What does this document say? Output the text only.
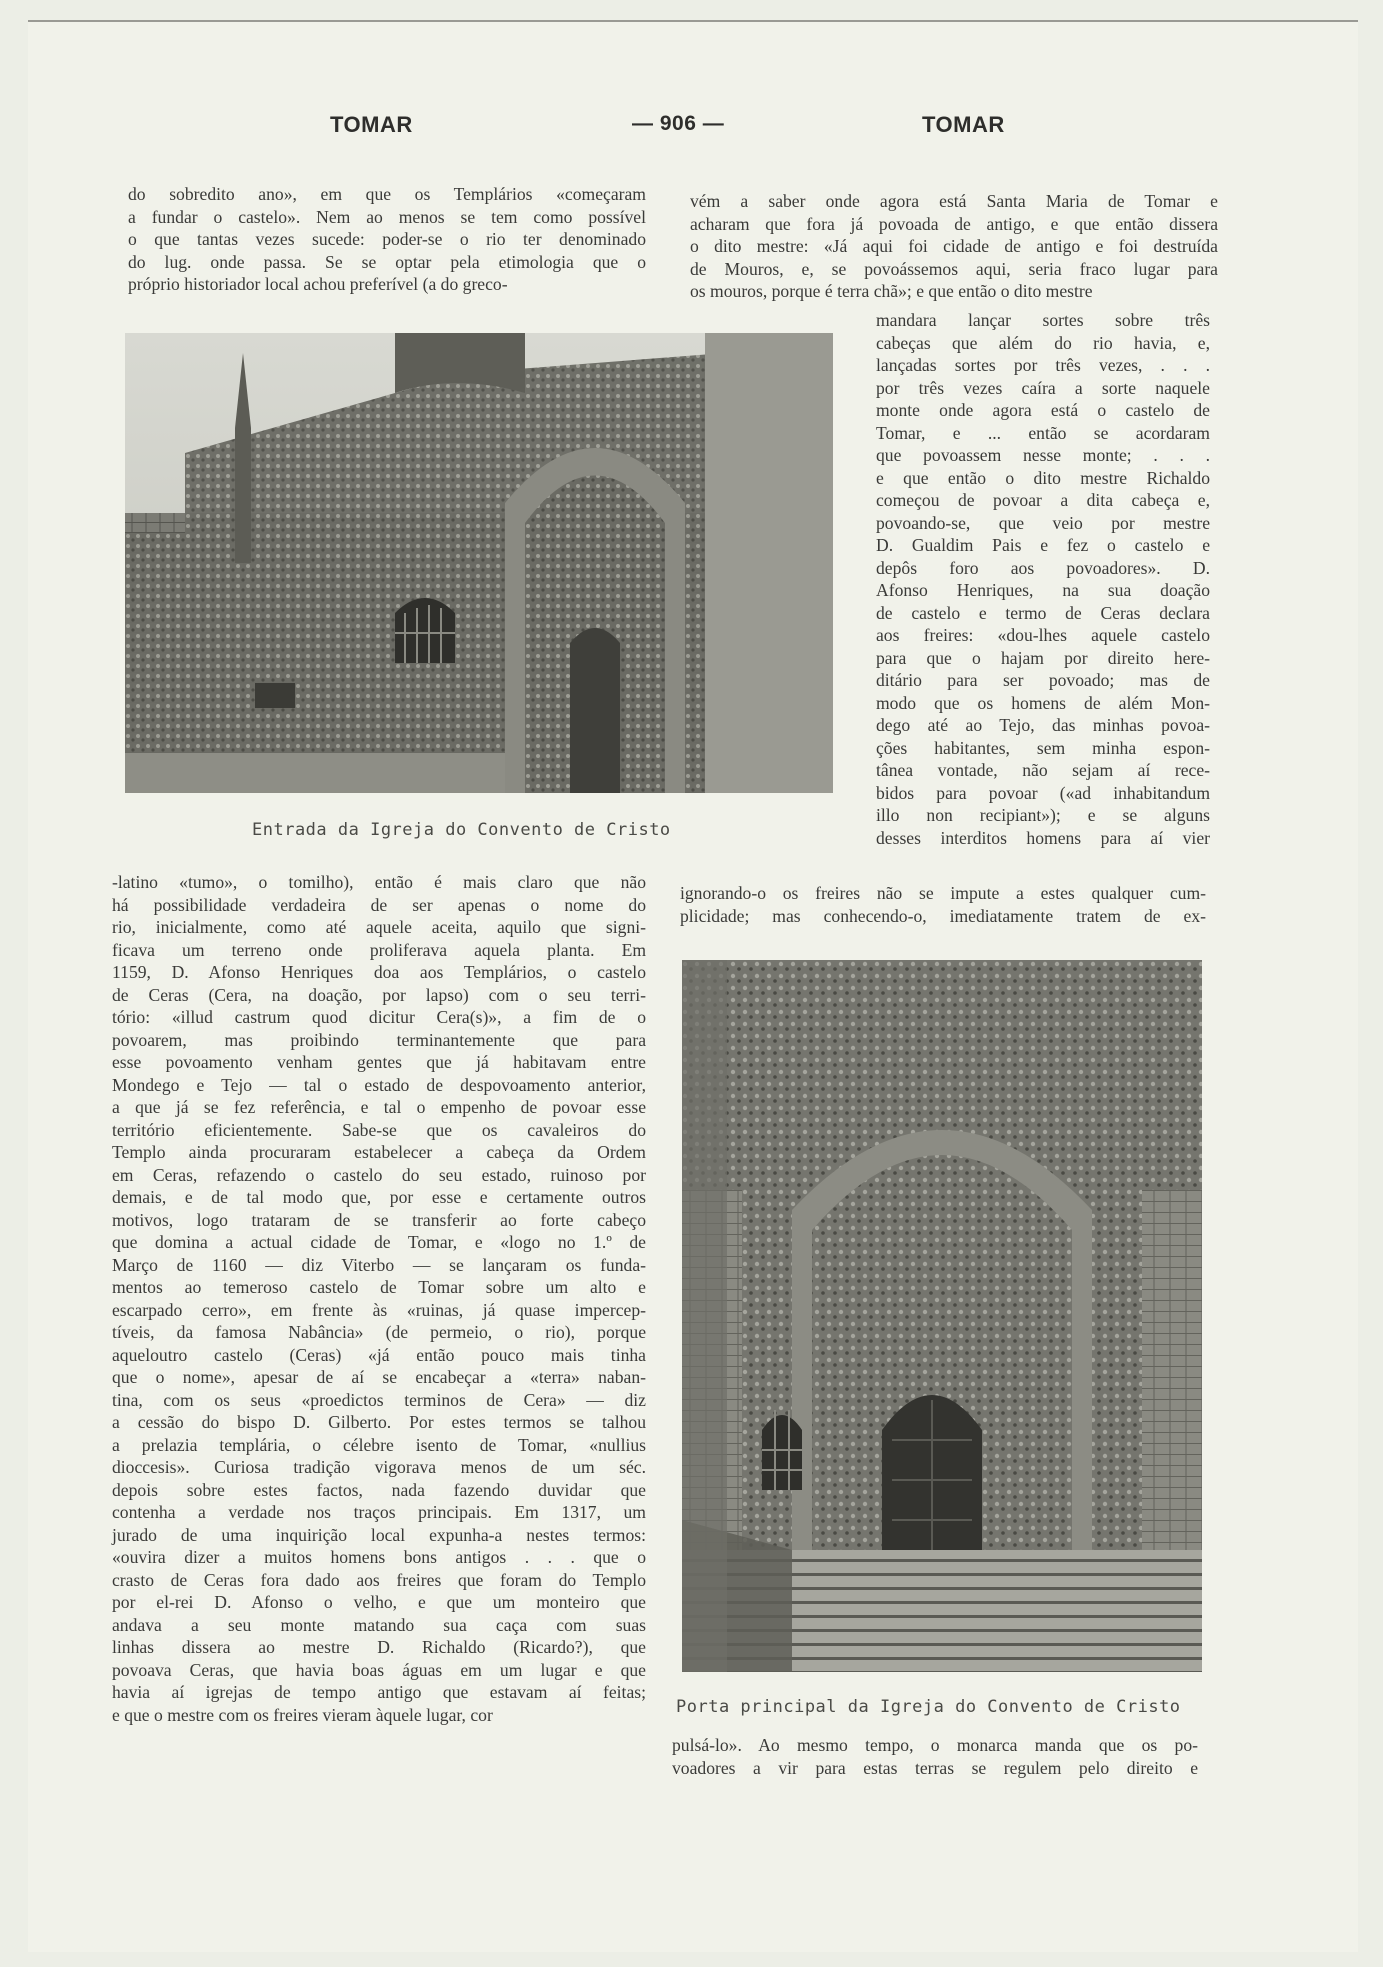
TOMAR	— 906 —	TOMAR

do sobredito ano», em que os Templários «começaram

a fundar o castelo». Nem ao menos se tem como possível

o que tantas vezes sucede: poder-se o rio ter denominado

do lug. onde passa. Se se optar pela etimologia que o

próprio historiador local achou preferível (a do greco-

vém a saber onde agora está Santa Maria de Tomar e

acharam que fora já povoada de antigo, e que então dissera

o dito mestre: «Já aqui foi cidade de antigo e foi destruída

de Mouros, e, se povoássemos aqui, seria fraco lugar para

os mouros, porque é terra chã»; e que então o dito mestre

mandara lançar sortes sobre três

cabeças que além do rio havia, e,

lançadas sortes por três vezes, . . .

por três vezes caíra a sorte naquele

monte onde agora está o castelo de

Tomar, e ... então se acordaram

que povoassem nesse monte; . . .

e que então o dito mestre Richaldo

começou de povoar a dita cabeça e,

povoando-se, que veio por mestre

D. Gualdim Pais e fez o castelo e

depôs foro aos povoadores». D.

Afonso Henriques, na sua doação

de castelo e termo de Ceras declara

aos freires: «dou-lhes aquele castelo

para que o hajam por direito here-

ditário para ser povoado; mas de

modo que os homens de além Mon-

dego até ao Tejo, das minhas povoa-

ções habitantes, sem minha espon-

tânea vontade, não sejam aí rece-

bidos para povoar («ad inhabitandum

illo non recipiant»); e se alguns

desses interditos homens para aí vier

ignorando-o os freires não se impute a estes qualquer cum-

plicidade; mas conhecendo-o, imediatamente tratem de ex-

-latino «tumo», o tomilho), então é mais claro que não

há possibilidade verdadeira de ser apenas o nome do

rio, inicialmente, como até aquele aceita, aquilo que signi-

ficava um terreno onde proliferava aquela planta. Em

1159, D. Afonso Henriques doa aos Templários, o castelo

de Ceras (Cera, na doação, por lapso) com o seu terri-

tório: «illud castrum quod dicitur Cera(s)», a fim de o

povoarem, mas proibindo terminantemente que para

esse povoamento venham gentes que já habitavam entre

Mondego e Tejo — tal o estado de despovoamento anterior,

a que já se fez referência, e tal o empenho de povoar esse

território eficientemente. Sabe-se que os cavaleiros do

Templo ainda procuraram estabelecer a cabeça da Ordem

em Ceras, refazendo o castelo do seu estado, ruinoso por

demais, e de tal modo que, por esse e certamente outros

motivos, logo trataram de se transferir ao forte cabeço

que domina a actual cidade de Tomar, e «logo no 1.º de

Março de 1160 — diz Viterbo — se lançaram os funda-

mentos ao temeroso castelo de Tomar sobre um alto e

escarpado cerro», em frente às «ruinas, já quase impercep-

tíveis, da famosa Nabância» (de permeio, o rio), porque

aqueloutro castelo (Ceras) «já então pouco mais tinha

que o nome», apesar de aí se encabeçar a «terra» naban-

tina, com os seus «proedictos terminos de Cera» — diz

a cessão do bispo D. Gilberto. Por estes termos se talhou

a prelazia templária, o célebre isento de Tomar, «nullius

dioccesis». Curiosa tradição vigorava menos de um séc.

depois sobre estes factos, nada fazendo duvidar que

contenha a verdade nos traços principais. Em 1317, um

jurado de uma inquirição local expunha-a nestes termos:

«ouvira dizer a muitos homens bons antigos . . . que o

crasto de Ceras fora dado aos freires que foram do Templo

por el-rei D. Afonso o velho, e que um monteiro que

andava a seu monte matando sua caça com suas

linhas dissera ao mestre D. Richaldo (Ricardo?), que

povoava Ceras, que havia boas águas em um lugar e que

havia aí igrejas de tempo antigo que estavam aí feitas;

e que o mestre com os freires vieram àquele lugar, cor

pulsá-lo». Ao mesmo tempo, o monarca manda que os po-

voadores a vir para estas terras se regulem pelo direito e

Entrada da Igreja do Convento de Cristo
Porta principal da Igreja do Convento de Cristo
